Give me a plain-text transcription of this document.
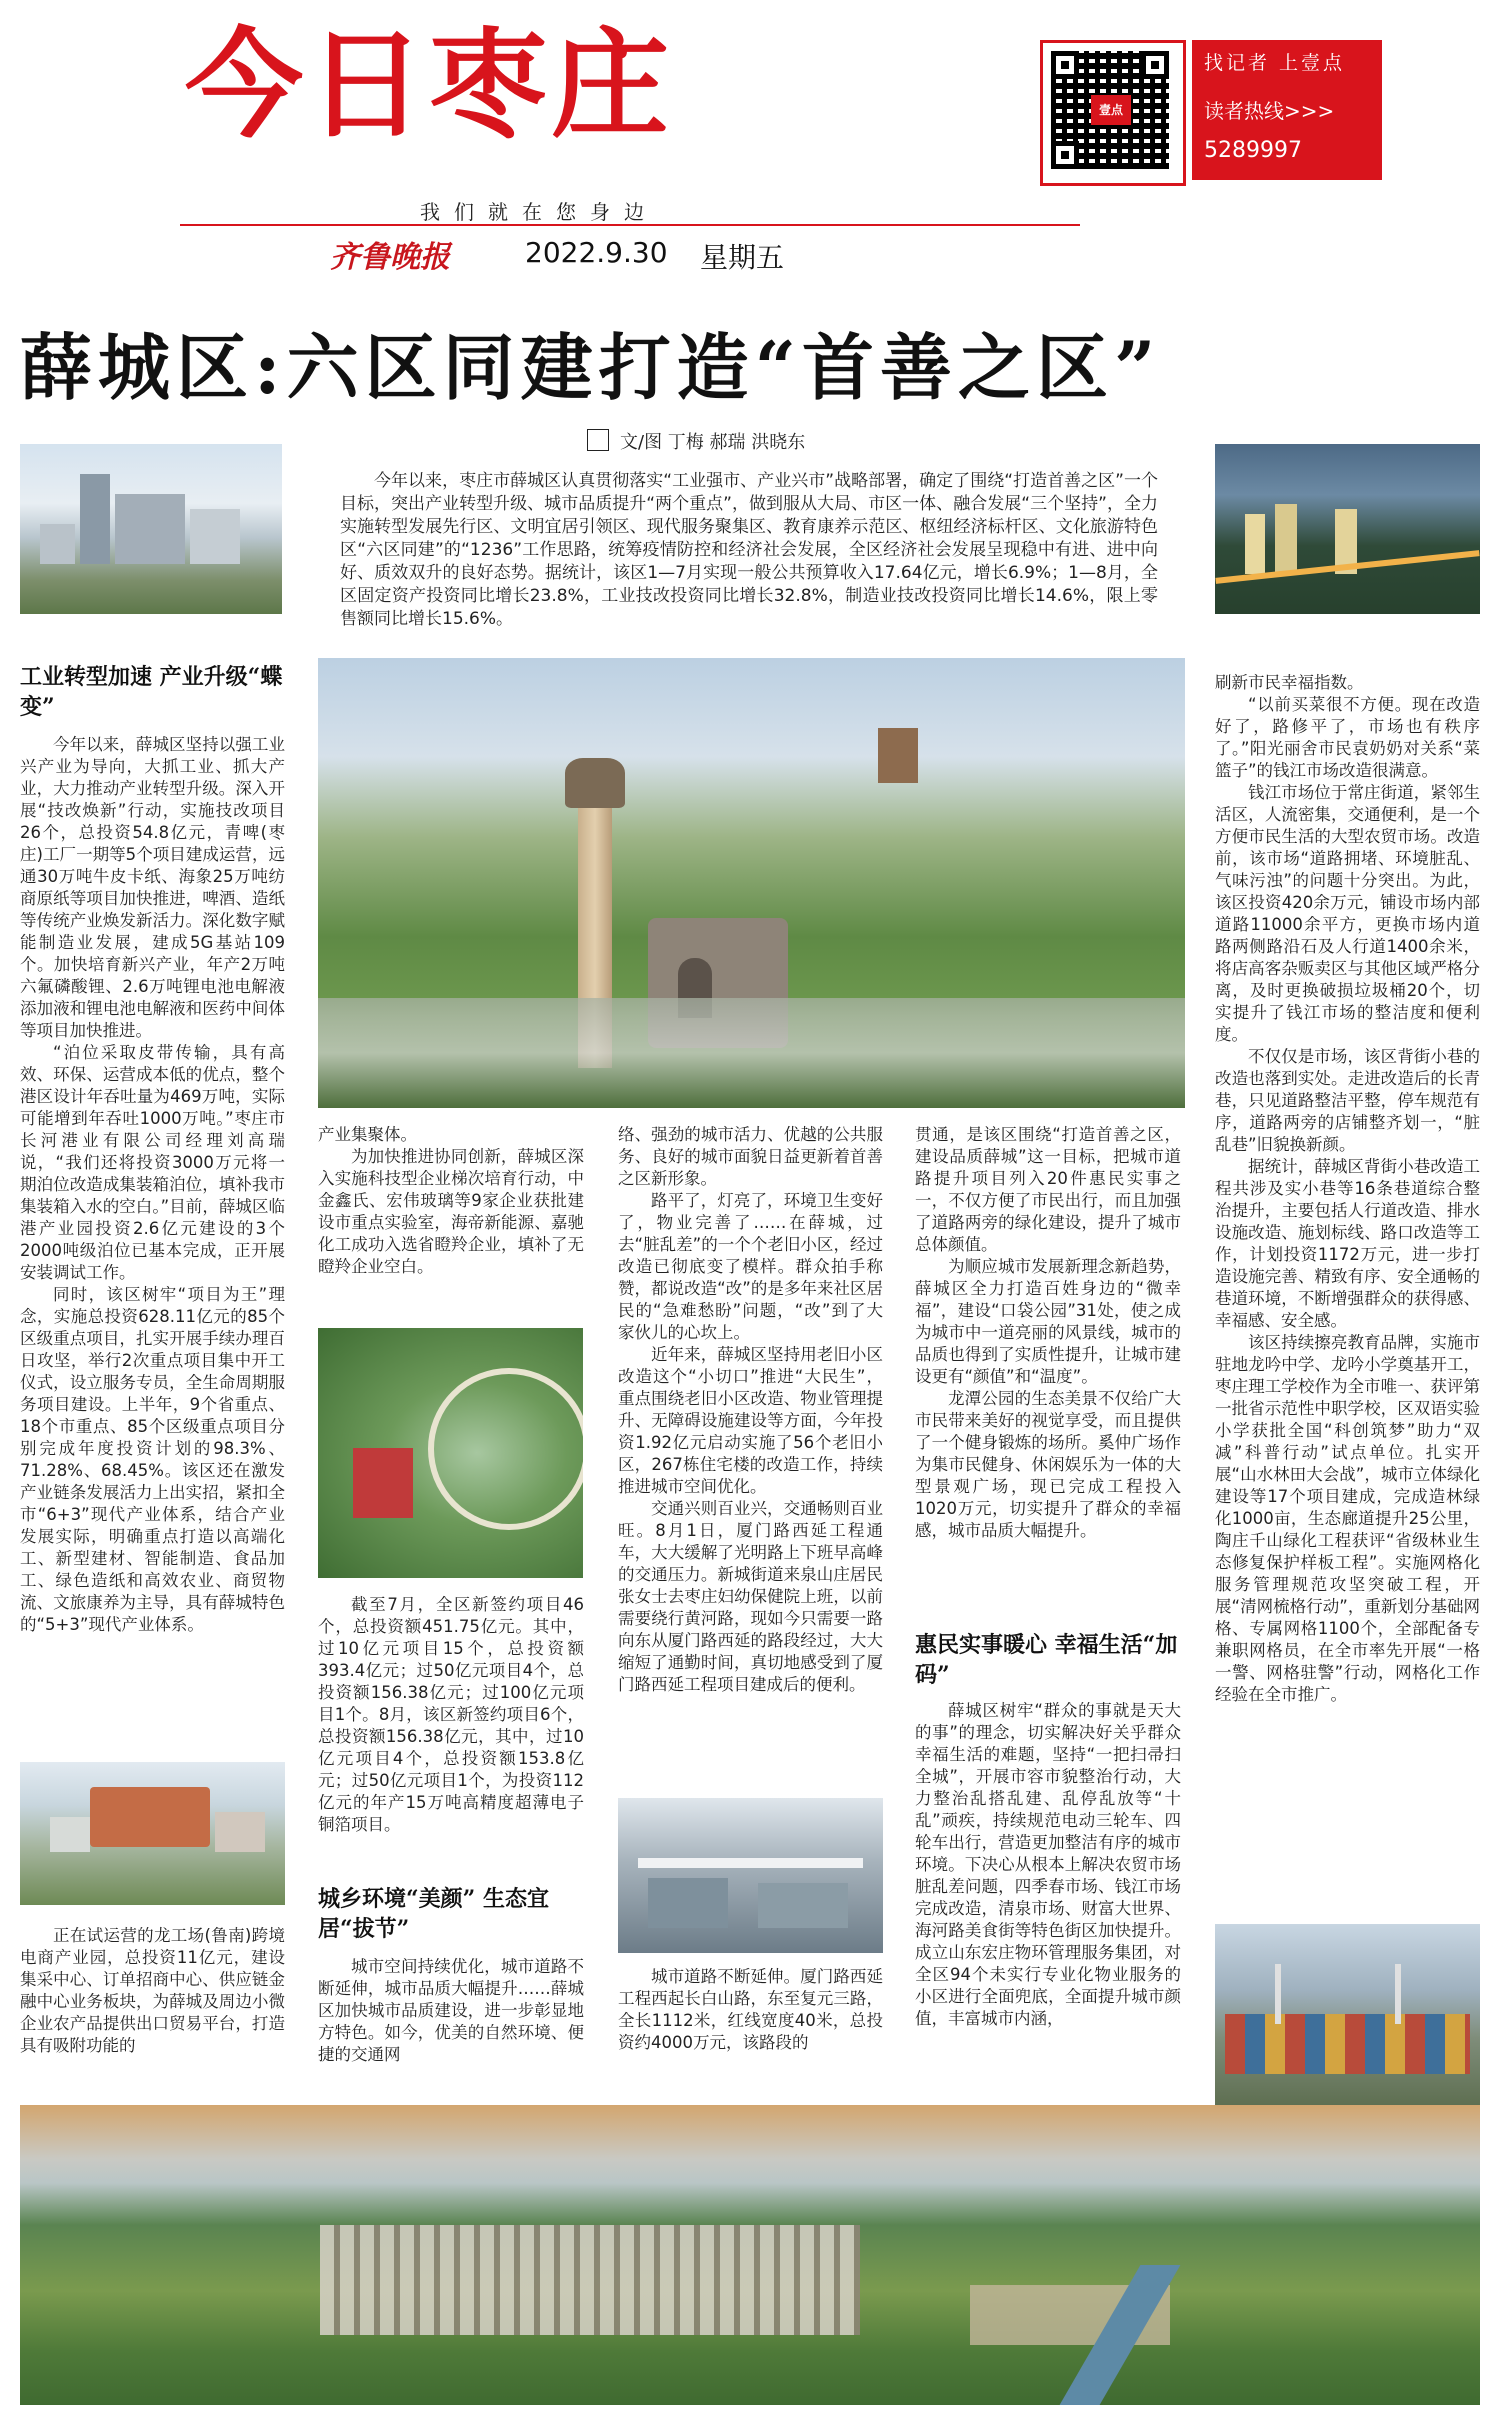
今日枣庄
我们就在您身边
齐鲁晚报	2022.9.30 星期五
壹点
找记者 上壹点
读者热线>>>
5289997
薛城区:六区同建打造“首善之区”
文/图 丁梅 郝瑞 洪晓东
今年以来，枣庄市薛城区认真贯彻落实“工业强市、产业兴市”战略部署，确定了围绕“打造首善之区”一个目标，突出产业转型升级、城市品质提升“两个重点”，做到服从大局、市区一体、融合发展“三个坚持”，全力实施转型发展先行区、文明宜居引领区、现代服务聚集区、教育康养示范区、枢纽经济标杆区、文化旅游特色区“六区同建”的“1236”工作思路，统筹疫情防控和经济社会发展，全区经济社会发展呈现稳中有进、进中向好、质效双升的良好态势。据统计，该区1—7月实现一般公共预算收入17.64亿元，增长6.9%；1—8月，全区固定资产投资同比增长23.8%，工业技改投资同比增长32.8%，制造业技改投资同比增长14.6%，限上零售额同比增长15.6%。
工业转型加速 产业升级“蝶变”

今年以来，薛城区坚持以强工业兴产业为导向，大抓工业、抓大产业，大力推动产业转型升级。深入开展“技改焕新”行动，实施技改项目26个，总投资54.8亿元，青啤(枣庄)工厂一期等5个项目建成运营，远通30万吨牛皮卡纸、海象25万吨纺商原纸等项目加快推进，啤酒、造纸等传统产业焕发新活力。深化数字赋能制造业发展，建成5G基站109个。加快培育新兴产业，年产2万吨六氟磷酸锂、2.6万吨锂电池电解液添加液和锂电池电解液和医药中间体等项目加快推进。

“泊位采取皮带传输，具有高效、环保、运营成本低的优点，整个港区设计年吞吐量为469万吨，实际可能增到年吞吐1000万吨。”枣庄市长河港业有限公司经理刘高瑞说，“我们还将投资3000万元将一期泊位改造成集装箱泊位，填补我市集装箱入水的空白。”目前，薛城区临港产业园投资2.6亿元建设的3个2000吨级泊位已基本完成，正开展安装调试工作。

同时，该区树牢“项目为王”理念，实施总投资628.11亿元的85个区级重点项目，扎实开展手续办理百日攻坚，举行2次重点项目集中开工仪式，设立服务专员，全生命周期服务项目建设。上半年，9个省重点、18个市重点、85个区级重点项目分别完成年度投资计划的98.3%、71.28%、68.45%。该区还在激发产业链条发展活力上出实招，紧扣全市“6+3”现代产业体系，结合产业发展实际，明确重点打造以高端化工、新型建材、智能制造、食品加工、绿色造纸和高效农业、商贸物流、文旅康养为主导，具有薛城特色的“5+3”现代产业体系。

正在试运营的龙工场(鲁南)跨境电商产业园，总投资11亿元，建设集采中心、订单招商中心、供应链金融中心业务板块，为薛城及周边小微企业农产品提供出口贸易平台，打造具有吸附功能的

产业集聚体。

为加快推进协同创新，薛城区深入实施科技型企业梯次培育行动，中金鑫氏、宏伟玻璃等9家企业获批建设市重点实验室，海帝新能源、嘉驰化工成功入选省瞪羚企业，填补了无瞪羚企业空白。

截至7月，全区新签约项目46个，总投资额451.75亿元。其中，过10亿元项目15个，总投资额393.4亿元；过50亿元项目4个，总投资额156.38亿元；过100亿元项目1个。8月，该区新签约项目6个，总投资额156.38亿元，其中，过10亿元项目4个，总投资额153.8亿元；过50亿元项目1个，为投资112亿元的年产15万吨高精度超薄电子铜箔项目。

城乡环境“美颜” 生态宜居“拔节”

城市空间持续优化，城市道路不断延伸，城市品质大幅提升……薛城区加快城市品质建设，进一步彰显地方特色。如今，优美的自然环境、便捷的交通网

络、强劲的城市活力、优越的公共服务、良好的城市面貌日益更新着首善之区新形象。

路平了，灯亮了，环境卫生变好了，物业完善了……在薛城，过去“脏乱差”的一个个老旧小区，经过改造已彻底变了模样。群众拍手称赞，都说改造“改”的是多年来社区居民的“急难愁盼”问题，“改”到了大家伙儿的心坎上。

近年来，薛城区坚持用老旧小区改造这个“小切口”推进“大民生”，重点围绕老旧小区改造、物业管理提升、无障碍设施建设等方面，今年投资1.92亿元启动实施了56个老旧小区，267栋住宅楼的改造工作，持续推进城市空间优化。

交通兴则百业兴，交通畅则百业旺。8月1日，厦门路西延工程通车，大大缓解了光明路上下班早高峰的交通压力。新城街道来泉山庄居民张女士去枣庄妇幼保健院上班，以前需要绕行黄河路，现如今只需要一路向东从厦门路西延的路段经过，大大缩短了通勤时间，真切地感受到了厦门路西延工程项目建成后的便利。

城市道路不断延伸。厦门路西延工程西起长白山路，东至复元三路，全长1112米，红线宽度40米，总投资约4000万元，该路段的

贯通，是该区围绕“打造首善之区，建设品质薛城”这一目标，把城市道路提升项目列入20件惠民实事之一，不仅方便了市民出行，而且加强了道路两旁的绿化建设，提升了城市总体颜值。

为顺应城市发展新理念新趋势，薛城区全力打造百姓身边的“微幸福”，建设“口袋公园”31处，使之成为城市中一道亮丽的风景线，城市的品质也得到了实质性提升，让城市建设更有“颜值”和“温度”。

龙潭公园的生态美景不仅给广大市民带来美好的视觉享受，而且提供了一个健身锻炼的场所。奚仲广场作为集市民健身、休闲娱乐为一体的大型景观广场，现已完成工程投入1020万元，切实提升了群众的幸福感，城市品质大幅提升。

惠民实事暖心 幸福生活“加码”

薛城区树牢“群众的事就是天大的事”的理念，切实解决好关乎群众幸福生活的难题，坚持“一把扫帚扫全城”，开展市容市貌整治行动，大力整治乱搭乱建、乱停乱放等“十乱”顽疾，持续规范电动三轮车、四轮车出行，营造更加整洁有序的城市环境。下决心从根本上解决农贸市场脏乱差问题，四季春市场、钱江市场完成改造，清泉市场、财富大世界、海河路美食街等特色街区加快提升。成立山东宏庄物环管理服务集团，对全区94个未实行专业化物业服务的小区进行全面兜底，全面提升城市颜值，丰富城市内涵，

刷新市民幸福指数。

“以前买菜很不方便。现在改造好了，路修平了，市场也有秩序了。”阳光丽舍市民袁奶奶对关系“菜篮子”的钱江市场改造很满意。

钱江市场位于常庄街道，紧邻生活区，人流密集，交通便利，是一个方便市民生活的大型农贸市场。改造前，该市场“道路拥堵、环境脏乱、气味污浊”的问题十分突出。为此，该区投资420余万元，铺设市场内部道路11000余平方，更换市场内道路两侧路沿石及人行道1400余米，将店高客杂贩卖区与其他区域严格分离，及时更换破损垃圾桶20个，切实提升了钱江市场的整洁度和便利度。

不仅仅是市场，该区背街小巷的改造也落到实处。走进改造后的长青巷，只见道路整洁平整，停车规范有序，道路两旁的店铺整齐划一，“脏乱巷”旧貌换新颜。

据统计，薛城区背街小巷改造工程共涉及实小巷等16条巷道综合整治提升，主要包括人行道改造、排水设施改造、施划标线、路口改造等工作，计划投资1172万元，进一步打造设施完善、精致有序、安全通畅的巷道环境，不断增强群众的获得感、幸福感、安全感。

该区持续擦亮教育品牌，实施市驻地龙吟中学、龙吟小学奠基开工，枣庄理工学校作为全市唯一、获评第一批省示范性中职学校，区双语实验小学获批全国“科创筑梦”助力“双减”科普行动”试点单位。扎实开展“山水林田大会战”，城市立体绿化建设等17个项目建成，完成造林绿化1000亩，生态廊道提升25公里，陶庄千山绿化工程获评“省级林业生态修复保护样板工程”。实施网格化服务管理规范攻坚突破工程，开展“清网梳格行动”，重新划分基础网格、专属网格1100个，全部配备专兼职网格员，在全市率先开展“一格一警、网格驻警”行动，网格化工作经验在全市推广。
